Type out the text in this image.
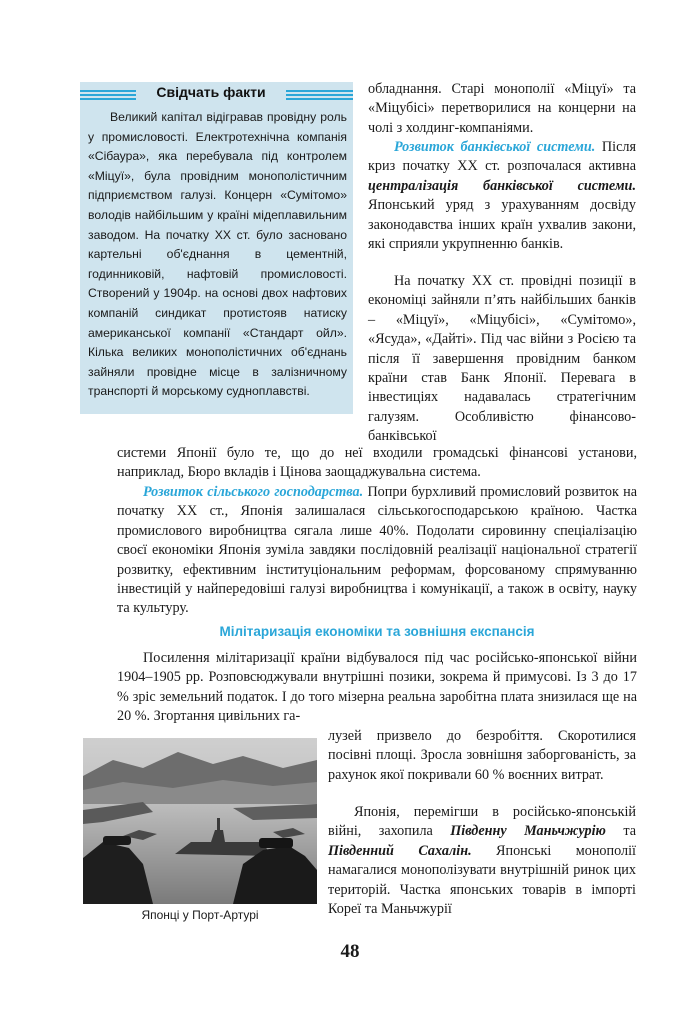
Свідчать факти

Великий капітал відігравав провідну роль у промисловості. Електротехнічна компанія «Сібаура», яка перебувала під контролем «Міцуї», була провідним монополістичним підприємством галузі. Концерн «Сумітомо» володів найбільшим у країні мідеплавильним заводом. На початку XX ст. було засновано картельні об'єднання в цементній, годинниковій, нафтовій промисловості. Створений у 1904р. на основі двох нафтових компаній синдикат протистояв натиску американської компанії «Стандарт ойл». Кількa великих монополістичних об'єднань зайняли провідне місце в залізничному транспорті й морському судноплавстві.

обладнання. Старі монополії «Міцуї» та «Міцубісі» перетворилися на концерни на чолі з холдинг-компаніями.

Розвиток банківської системи. Після криз початку XX ст. розпочалася активна централізація банківської системи. Японський уряд з урахуванням досвіду законодавства інших країн ухвалив закони, які сприяли укрупненню банків.

На початку XX ст. провідні позиції в економіці зайняли п’ять найбільших банків – «Міцуї», «Міцубісі», «Сумітомо», «Ясуда», «Дайті». Під час війни з Росією та після її завершення провідним банком країни став Банк Японії. Перевага в інвестиціях надавалась стратегічним галузям. Особливістю фінансово-банківської

системи Японії було те, що до неї входили громадські фінансові установи, наприклад, Бюро вкладів і Цінова заощаджувальна система.

Розвиток сільського господарства. Попри бурхливий промисловий розвиток на початку XX ст., Японія залишалася сільськогосподарською країною. Частка промислового виробництва сягала лише 40%. Подолати сировинну спеціалізацію своєї економіки Японія зуміла завдяки послідовній реалізації національної стратегії розвитку, ефективним інституціональним реформам, форсованому спрямуванню інвестицій у найпередовіші галузі виробництва і комунікації, а також в освіту, науку та культуру.

Мілітаризація економіки та зовнішня експансія

Посилення мілітаризації країни відбувалося під час російсько-японської війни 1904–1905 рр. Розповсюджували внутрішні позики, зокрема й примусові. Із 3 до 17 % зріс земельний податок. І до того мізерна реальна заробітна плата знизилася ще на 20 %. Згортання цивільних га-

лузей призвело до безробіття. Скоротилися посівні площі. Зросла зовнішня заборгованість, за рахунок якої покривали 60 % воєнних витрат.

Японія, перемігши в російсько-японській війні, захопила Південну Маньчжурію та Південний Сахалін. Японські монополії намагалися монополізувати внутрішній ринок цих територій. Частка японських товарів в імпорті Кореї та Маньчжурії

Японці у Порт-Артурі
48
